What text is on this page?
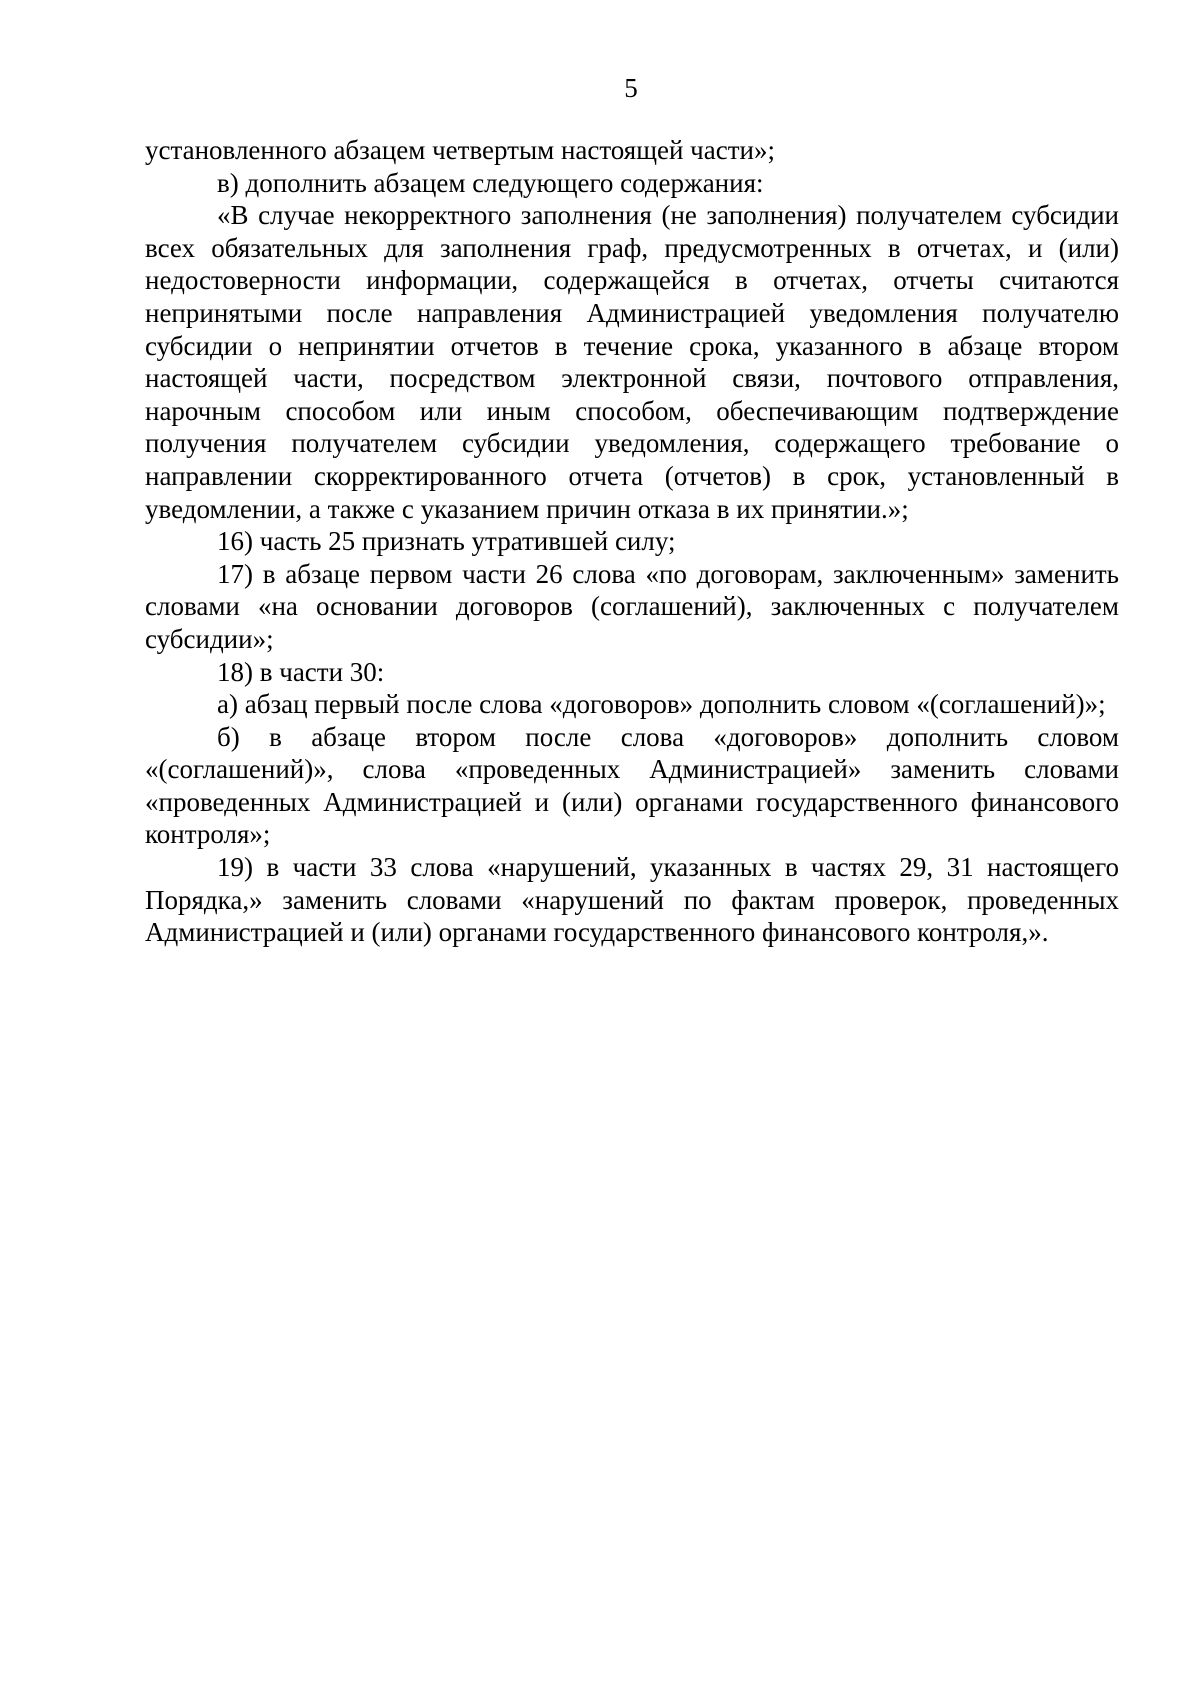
5

установленного абзацем четвертым настоящей части»;

в) дополнить абзацем следующего содержания:

«В случае некорректного заполнения (не заполнения) получателем субсидии всех обязательных для заполнения граф, предусмотренных в отчетах, и (или) недостоверности информации, содержащейся в отчетах, отчеты считаются непринятыми после направления Администрацией уведомления получателю субсидии о непринятии отчетов в течение срока, указанного в абзаце втором настоящей части, посредством электронной связи, почтового отправления, нарочным способом или иным способом, обеспечивающим подтверждение получения получателем субсидии уведомления, содержащего требование о направлении скорректированного отчета (отчетов) в срок, установленный в уведомлении, а также с указанием причин отказа в их принятии.»;

16) часть 25 признать утратившей силу;

17) в абзаце первом части 26 слова «по договорам, заключенным» заменить словами «на основании договоров (соглашений), заключенных с получателем субсидии»;

18) в части 30:

а) абзац первый после слова «договоров» дополнить словом «(соглашений)»;

б) в абзаце втором после слова «договоров» дополнить словом «(соглашений)», слова «проведенных Администрацией» заменить словами «проведенных Администрацией и (или) органами государственного финансового контроля»;

19) в части 33 слова «нарушений, указанных в частях 29, 31 настоящего Порядка,» заменить словами «нарушений по фактам проверок, проведенных Администрацией и (или) органами государственного финансового контроля,».
